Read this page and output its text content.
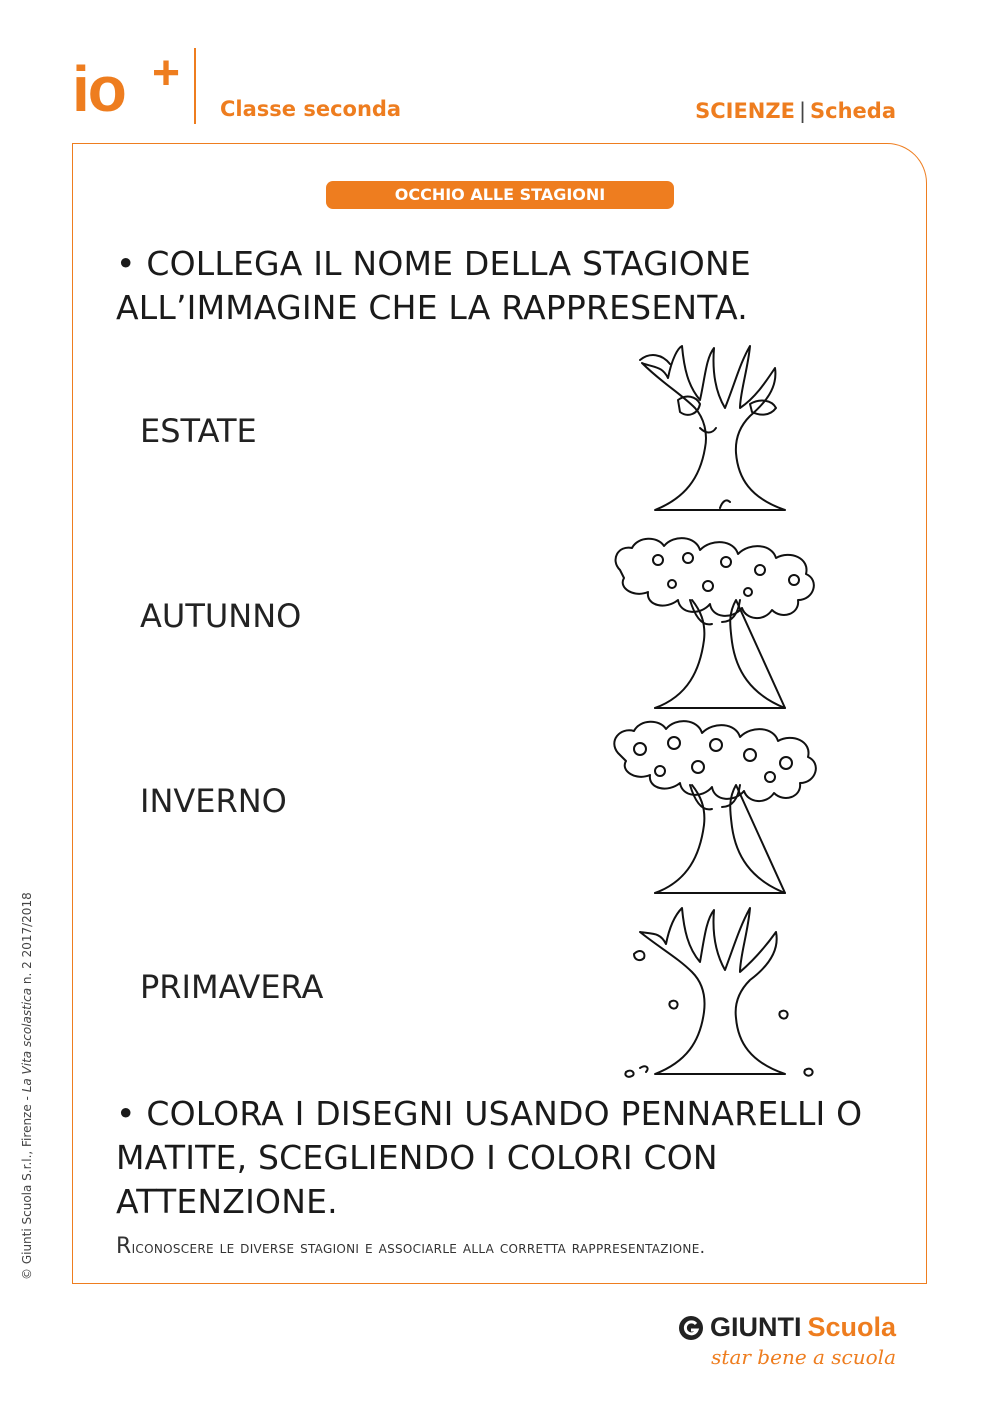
io +
Classe seconda	SCIENZE | Scheda
OCCHIO ALLE STAGIONI
• COLLEGA IL NOME DELLA STAGIONE ALL’IMMAGINE CHE LA RAPPRESENTA.
ESTATE
AUTUNNO
INVERNO
PRIMAVERA
• COLORA I DISEGNI USANDO PENNARELLI O MATITE, SCEGLIENDO I COLORI CON ATTENZIONE.
Riconoscere le diverse stagioni e associarle alla corretta rappresentazione.
© Giunti Scuola S.r.l., Firenze - La Vita scolastica n. 2 2017/2018
GIUNTI Scuola
star bene a scuola
